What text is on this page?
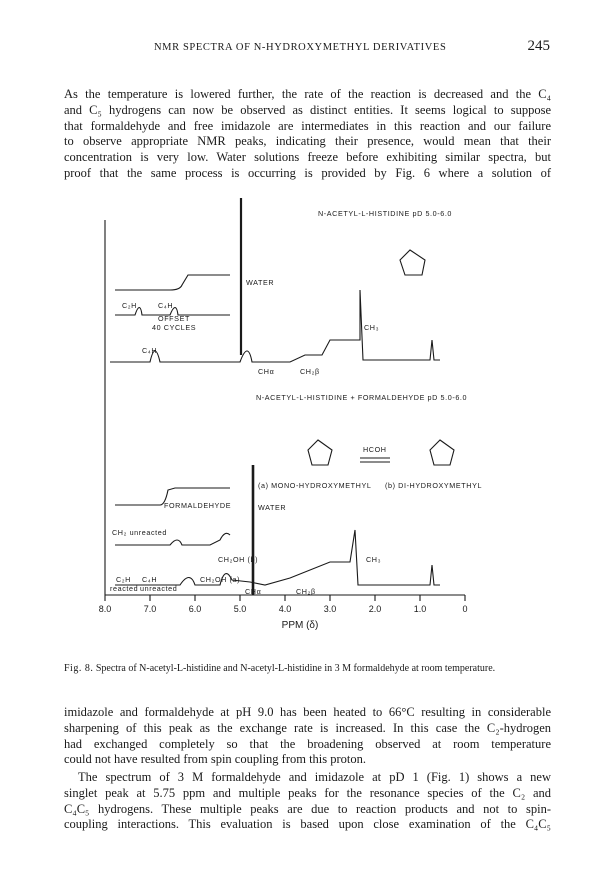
NMR SPECTRA OF N-HYDROXYMETHYL DERIVATIVES	245
As the temperature is lowered further, the rate of the reaction is decreased and the C₄
and C₅ hydrogens can now be observed as distinct entities. It seems logical to suppose
that formaldehyde and free imidazole are intermediates in this reaction and our failure
to observe appropriate NMR peaks, indicating their presence, would mean that their
concentration is very low. Water solutions freeze before exhibiting similar spectra, but
proof that the same process is occurring is provided by Fig. 6 where a solution of
N-ACETYL-L-HISTIDINE pD 5.0-6.0
WATER
C₂H	C₄H
OFFSET
40 CYCLES
C₄H
CH₃
CHα	CH₂β
N-ACETYL-L-HISTIDINE + FORMALDEHYDE pD 5.0-6.0
HCOH
FORMALDEHYDE
(a) MONO-HYDROXYMETHYL (b) DI-HYDROXYMETHYL
WATER
CH₂ unreacted
C₂H C₄H
reacted unreacted
CH₂OH (a)
CH₂OH (b)	CH₃
CHα	CH₂β
8.0	7.0	6.0	5.0	4.0	3.0	2.0	1.0	0
PPM (δ)
Fig. 8. Spectra of N-acetyl-L-histidine and N-acetyl-L-histidine in 3 M formaldehyde at room temperature.
imidazole and formaldehyde at pH 9.0 has been heated to 66°C resulting in considerable
sharpening of this peak as the exchange rate is increased. In this case the C₂-hydrogen
had exchanged completely so that the broadening observed at room temperature
could not have resulted from spin coupling from this proton.
The spectrum of 3 M formaldehyde and imidazole at pD 1 (Fig. 1) shows a new
singlet peak at 5.75 ppm and multiple peaks for the resonance species of the C₂ and
C₄C₅ hydrogens. These multiple peaks are due to reaction products and not to spin-
coupling interactions. This evaluation is based upon close examination of the C₄C₅
